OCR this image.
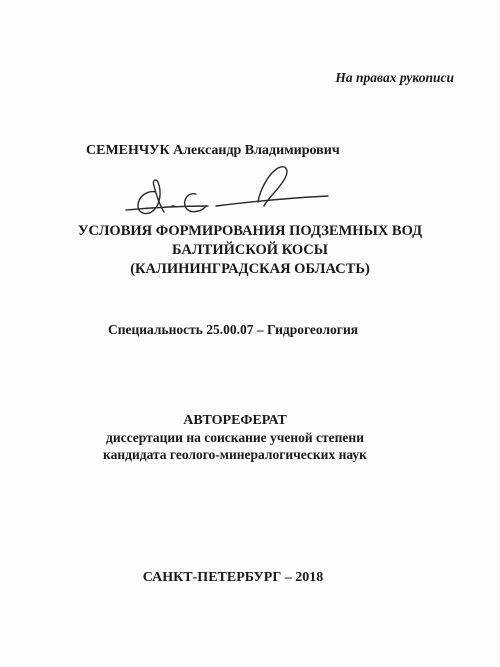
На правах рукописи
СЕМЕНЧУК Александр Владимирович
УСЛОВИЯ ФОРМИРОВАНИЯ ПОДЗЕМНЫХ ВОД
БАЛТИЙСКОЙ КОСЫ
(КАЛИНИНГРАДСКАЯ ОБЛАСТЬ)
Специальность 25.00.07 – Гидрогеология
АВТОРЕФЕРАТ
диссертации на соискание ученой степени
кандидата геолого-минералогических наук
САНКТ-ПЕТЕРБУРГ – 2018
